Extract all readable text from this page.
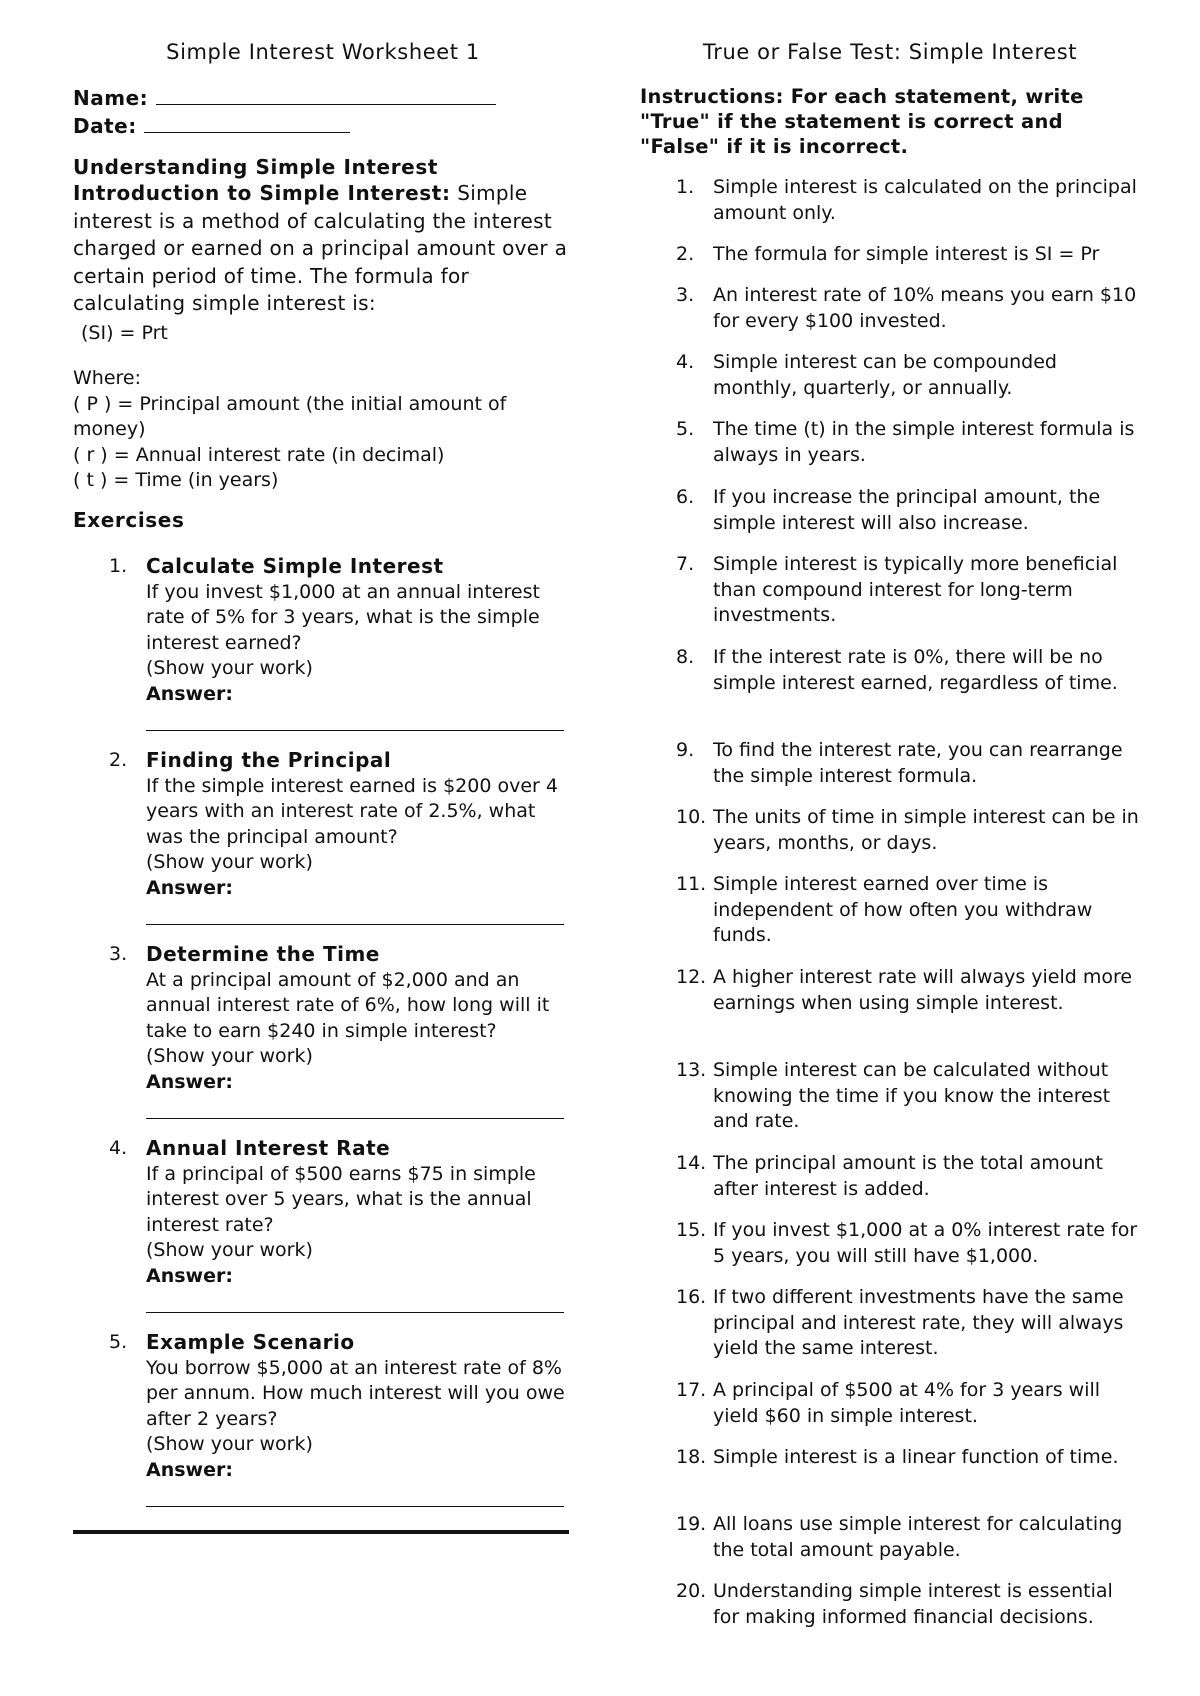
Simple Interest Worksheet 1
Name:
Date:
Understanding Simple Interest
Introduction to Simple Interest: Simple interest is a method of calculating the interest charged or earned on a principal amount over a certain period of time. The formula for calculating simple interest is:
(SI) = Prt
Where:
( P ) = Principal amount (the initial amount of money)
( r ) = Annual interest rate (in decimal)
( t ) = Time (in years)
Exercises
1. Calculate Simple Interest
If you invest $1,000 at an annual interest rate of 5% for 3 years, what is the simple interest earned?
(Show your work)
Answer:
2. Finding the Principal
If the simple interest earned is $200 over 4 years with an interest rate of 2.5%, what was the principal amount?
(Show your work)
Answer:
3. Determine the Time
At a principal amount of $2,000 and an annual interest rate of 6%, how long will it take to earn $240 in simple interest?
(Show your work)
Answer:
4. Annual Interest Rate
If a principal of $500 earns $75 in simple interest over 5 years, what is the annual interest rate?
(Show your work)
Answer:
5. Example Scenario
You borrow $5,000 at an interest rate of 8% per annum. How much interest will you owe after 2 years?
(Show your work)
Answer:
True or False Test: Simple Interest
Instructions: For each statement, write "True" if the statement is correct and "False" if it is incorrect.
1. Simple interest is calculated on the principal amount only.
2. The formula for simple interest is SI = Pr
3. An interest rate of 10% means you earn $10 for every $100 invested.
4. Simple interest can be compounded monthly, quarterly, or annually.
5. The time (t) in the simple interest formula is always in years.
6. If you increase the principal amount, the simple interest will also increase.
7. Simple interest is typically more beneficial than compound interest for long-term investments.
8. If the interest rate is 0%, there will be no simple interest earned, regardless of time.
9. To find the interest rate, you can rearrange the simple interest formula.
10. The units of time in simple interest can be in years, months, or days.
11. Simple interest earned over time is independent of how often you withdraw funds.
12. A higher interest rate will always yield more earnings when using simple interest.
13. Simple interest can be calculated without knowing the time if you know the interest and rate.
14. The principal amount is the total amount after interest is added.
15. If you invest $1,000 at a 0% interest rate for 5 years, you will still have $1,000.
16. If two different investments have the same principal and interest rate, they will always yield the same interest.
17. A principal of $500 at 4% for 3 years will yield $60 in simple interest.
18. Simple interest is a linear function of time.
19. All loans use simple interest for calculating the total amount payable.
20. Understanding simple interest is essential for making informed financial decisions.
